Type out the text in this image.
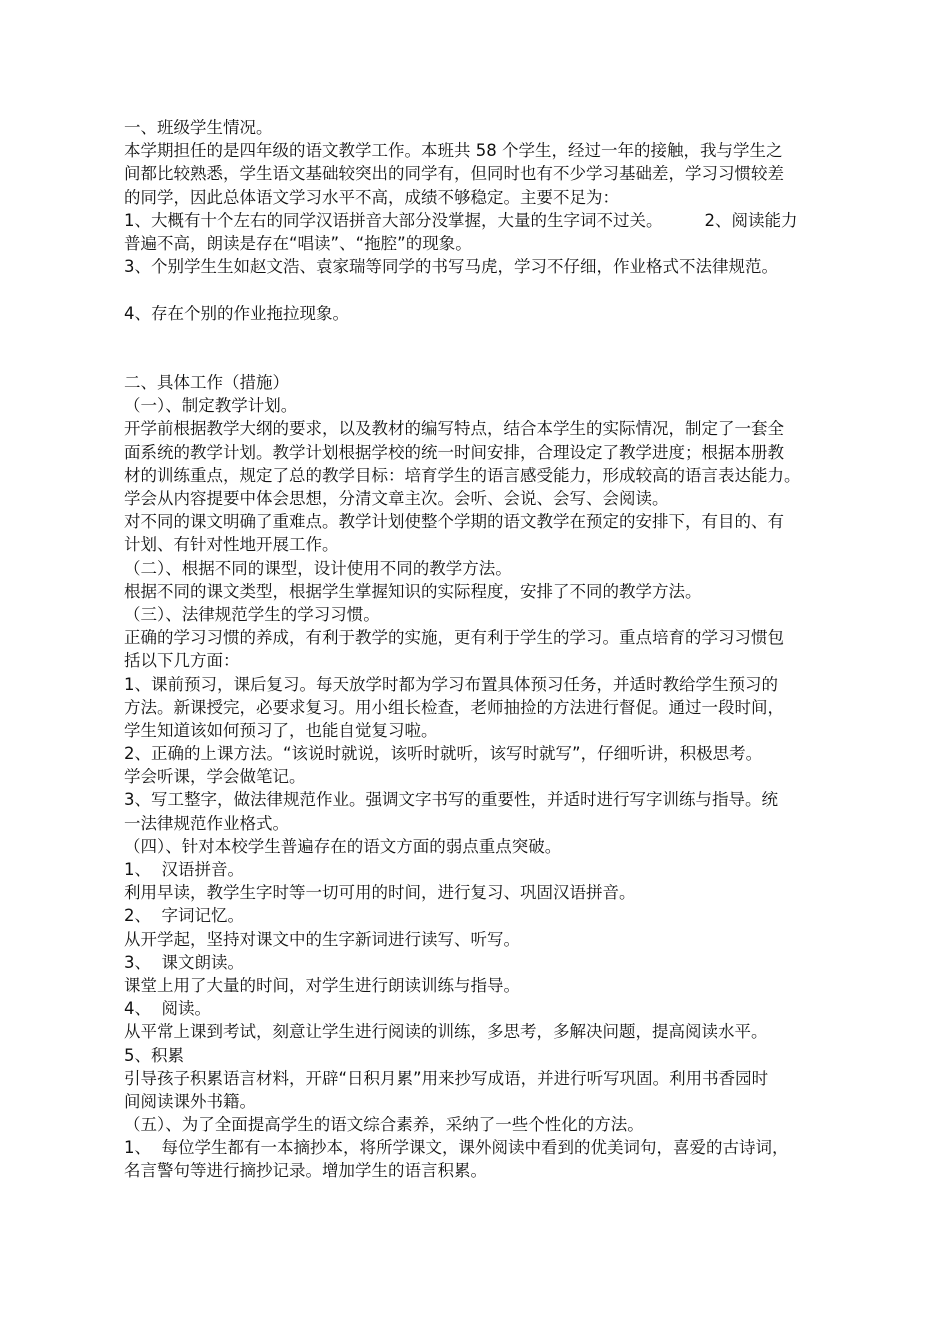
一、班级学生情况。
本学期担任的是四年级的语文教学工作。本班共 58 个学生，经过一年的接触，我与学生之
间都比较熟悉，学生语文基础较突出的同学有，但同时也有不少学习基础差，学习习惯较差
的同学，因此总体语文学习水平不高，成绩不够稳定。主要不足为：
1、大概有十个左右的同学汉语拼音大部分没掌握，大量的生字词不过关。        2、阅读能力
普遍不高，朗读是存在“唱读”、“拖腔”的现象。
3、个别学生生如赵文浩、袁家瑞等同学的书写马虎，学习不仔细，作业格式不法律规范。
4、存在个别的作业拖拉现象。
二、具体工作（措施）
（一）、制定教学计划。
开学前根据教学大纲的要求，以及教材的编写特点，结合本学生的实际情况，制定了一套全
面系统的教学计划。教学计划根据学校的统一时间安排，合理设定了教学进度；根据本册教
材的训练重点，规定了总的教学目标：培育学生的语言感受能力，形成较高的语言表达能力。
学会从内容提要中体会思想，分清文章主次。会听、会说、会写、会阅读。
对不同的课文明确了重难点。教学计划使整个学期的语文教学在预定的安排下，有目的、有
计划、有针对性地开展工作。
（二）、根据不同的课型，设计使用不同的教学方法。
根据不同的课文类型，根据学生掌握知识的实际程度，安排了不同的教学方法。
（三）、法律规范学生的学习习惯。
正确的学习习惯的养成，有利于教学的实施，更有利于学生的学习。重点培育的学习习惯包
括以下几方面：
1、课前预习，课后复习。每天放学时都为学习布置具体预习任务，并适时教给学生预习的
方法。新课授完，必要求复习。用小组长检查，老师抽捡的方法进行督促。通过一段时间，
学生知道该如何预习了，也能自觉复习啦。
2、正确的上课方法。“该说时就说，该听时就听，该写时就写”，仔细听讲，积极思考。
学会听课，学会做笔记。
3、写工整字，做法律规范作业。强调文字书写的重要性，并适时进行写字训练与指导。统
一法律规范作业格式。
（四）、针对本校学生普遍存在的语文方面的弱点重点突破。
1、  汉语拼音。
利用早读，教学生字时等一切可用的时间，进行复习、巩固汉语拼音。
2、  字词记忆。
从开学起，坚持对课文中的生字新词进行读写、听写。
3、  课文朗读。
课堂上用了大量的时间，对学生进行朗读训练与指导。
4、  阅读。
从平常上课到考试，刻意让学生进行阅读的训练，多思考，多解决问题，提高阅读水平。
5、积累
引导孩子积累语言材料，开辟“日积月累”用来抄写成语，并进行听写巩固。利用书香园时
间阅读课外书籍。
（五）、为了全面提高学生的语文综合素养，采纳了一些个性化的方法。
1、  每位学生都有一本摘抄本，将所学课文，课外阅读中看到的优美词句，喜爱的古诗词，
名言警句等进行摘抄记录。增加学生的语言积累。
